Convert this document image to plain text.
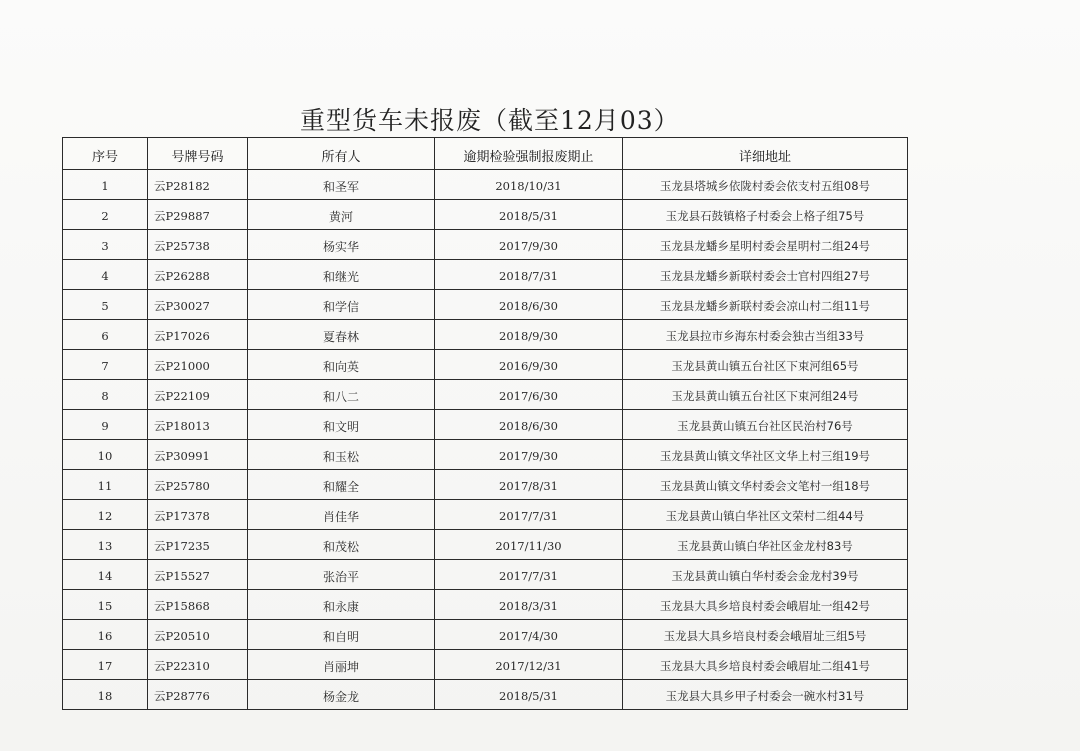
重型货车未报废（截至12月03）
序号	号牌号码	所有人	逾期检验强制报废期止	详细地址
1	云P28182	和圣军	2018/10/31	玉龙县塔城乡依陇村委会依支村五组08号
2	云P29887	黄河	2018/5/31	玉龙县石鼓镇格子村委会上格子组75号
3	云P25738	杨实华	2017/9/30	玉龙县龙蟠乡星明村委会星明村二组24号
4	云P26288	和继光	2018/7/31	玉龙县龙蟠乡新联村委会士官村四组27号
5	云P30027	和学信	2018/6/30	玉龙县龙蟠乡新联村委会凉山村二组11号
6	云P17026	夏春林	2018/9/30	玉龙县拉市乡海东村委会独古当组33号
7	云P21000	和向英	2016/9/30	玉龙县黄山镇五台社区下束河组65号
8	云P22109	和八二	2017/6/30	玉龙县黄山镇五台社区下束河组24号
9	云P18013	和文明	2018/6/30	玉龙县黄山镇五台社区民治村76号
10	云P30991	和玉松	2017/9/30	玉龙县黄山镇文华社区文华上村三组19号
11	云P25780	和耀全	2017/8/31	玉龙县黄山镇文华村委会文笔村一组18号
12	云P17378	肖佳华	2017/7/31	玉龙县黄山镇白华社区文荣村二组44号
13	云P17235	和茂松	2017/11/30	玉龙县黄山镇白华社区金龙村83号
14	云P15527	张治平	2017/7/31	玉龙县黄山镇白华村委会金龙村39号
15	云P15868	和永康	2018/3/31	玉龙县大具乡培良村委会峨眉址一组42号
16	云P20510	和自明	2017/4/30	玉龙县大具乡培良村委会峨眉址三组5号
17	云P22310	肖丽坤	2017/12/31	玉龙县大具乡培良村委会峨眉址二组41号
18	云P28776	杨金龙	2018/5/31	玉龙县大具乡甲子村委会一碗水村31号
